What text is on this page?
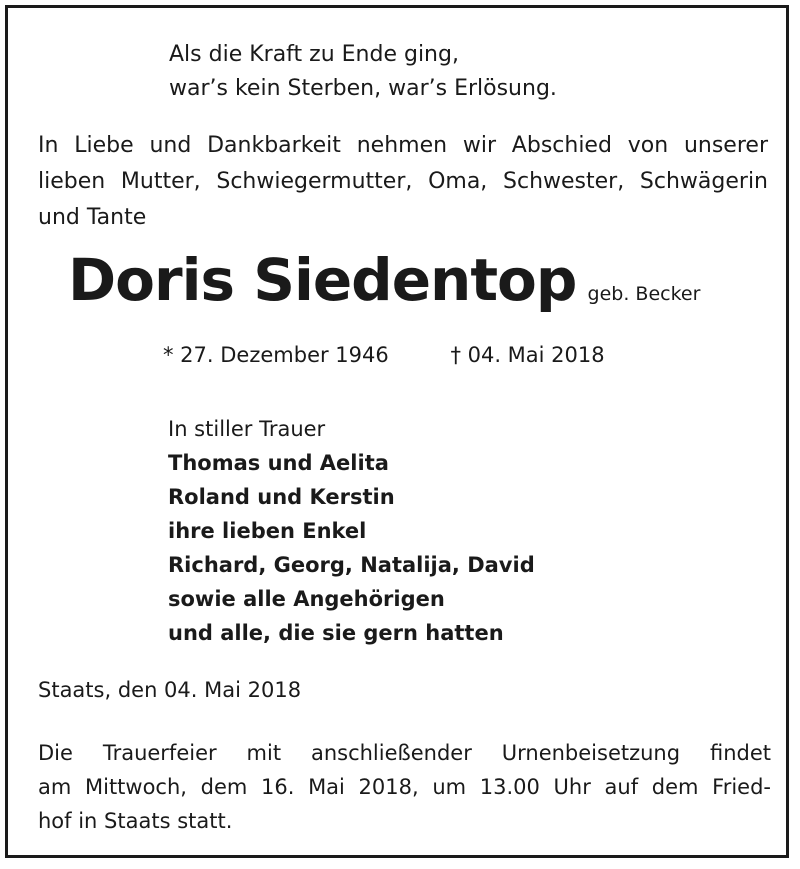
Als die Kraft zu Ende ging,
war’s kein Sterben, war’s Erlösung.
In Liebe und Dankbarkeit nehmen wir Abschied von unserer
lieben Mutter, Schwiegermutter, Oma, Schwester, Schwägerin
und Tante
Doris Siedentop geb. Becker
* 27. Dezember 1946	† 04. Mai 2018
In stiller Trauer
Thomas und Aelita
Roland und Kerstin
ihre lieben Enkel
Richard, Georg, Natalija, David
sowie alle Angehörigen
und alle, die sie gern hatten
Staats, den 04. Mai 2018
Die Trauerfeier mit anschließender Urnenbeisetzung findet
am Mittwoch, dem 16. Mai 2018, um 13.00 Uhr auf dem Fried-
hof in Staats statt.
